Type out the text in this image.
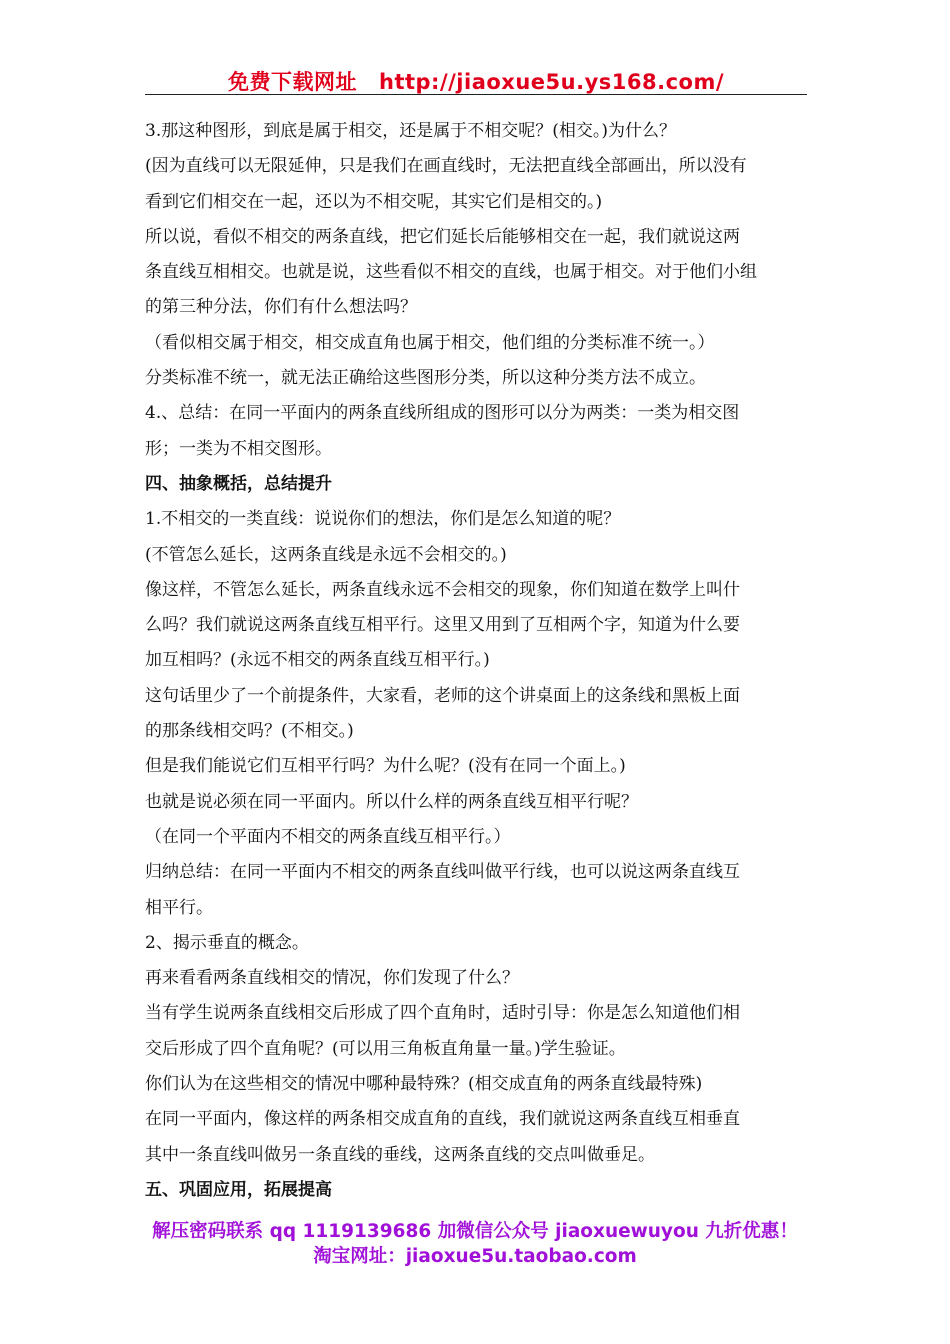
免费下载网址 http://jiaoxue5u.ys168.com/
3.那这种图形，到底是属于相交，还是属于不相交呢？(相交。)为什么？
(因为直线可以无限延伸，只是我们在画直线时，无法把直线全部画出，所以没有
看到它们相交在一起，还以为不相交呢，其实它们是相交的。)
所以说，看似不相交的两条直线，把它们延长后能够相交在一起，我们就说这两
条直线互相相交。也就是说，这些看似不相交的直线，也属于相交。对于他们小组
的第三种分法，你们有什么想法吗？
（看似相交属于相交，相交成直角也属于相交，他们组的分类标准不统一。）
分类标准不统一，就无法正确给这些图形分类，所以这种分类方法不成立。
4.、总结：在同一平面内的两条直线所组成的图形可以分为两类：一类为相交图
形；一类为不相交图形。
四、抽象概括，总结提升
1.不相交的一类直线：说说你们的想法，你们是怎么知道的呢？
(不管怎么延长，这两条直线是永远不会相交的。)
像这样，不管怎么延长，两条直线永远不会相交的现象，你们知道在数学上叫什
么吗？我们就说这两条直线互相平行。这里又用到了互相两个字，知道为什么要
加互相吗？(永远不相交的两条直线互相平行。)
这句话里少了一个前提条件，大家看，老师的这个讲桌面上的这条线和黑板上面
的那条线相交吗？(不相交。)
但是我们能说它们互相平行吗？为什么呢？(没有在同一个面上。)
也就是说必须在同一平面内。所以什么样的两条直线互相平行呢？
（在同一个平面内不相交的两条直线互相平行。）
归纳总结：在同一平面内不相交的两条直线叫做平行线，也可以说这两条直线互
相平行。
2、揭示垂直的概念。
再来看看两条直线相交的情况，你们发现了什么？
当有学生说两条直线相交后形成了四个直角时，适时引导：你是怎么知道他们相
交后形成了四个直角呢？(可以用三角板直角量一量。)学生验证。
你们认为在这些相交的情况中哪种最特殊？(相交成直角的两条直线最特殊)
在同一平面内，像这样的两条相交成直角的直线，我们就说这两条直线互相垂直
其中一条直线叫做另一条直线的垂线，这两条直线的交点叫做垂足。
五、巩固应用，拓展提高
解压密码联系 qq 1119139686 加微信公众号 jiaoxuewuyou 九折优惠！
淘宝网址：jiaoxue5u.taobao.com
